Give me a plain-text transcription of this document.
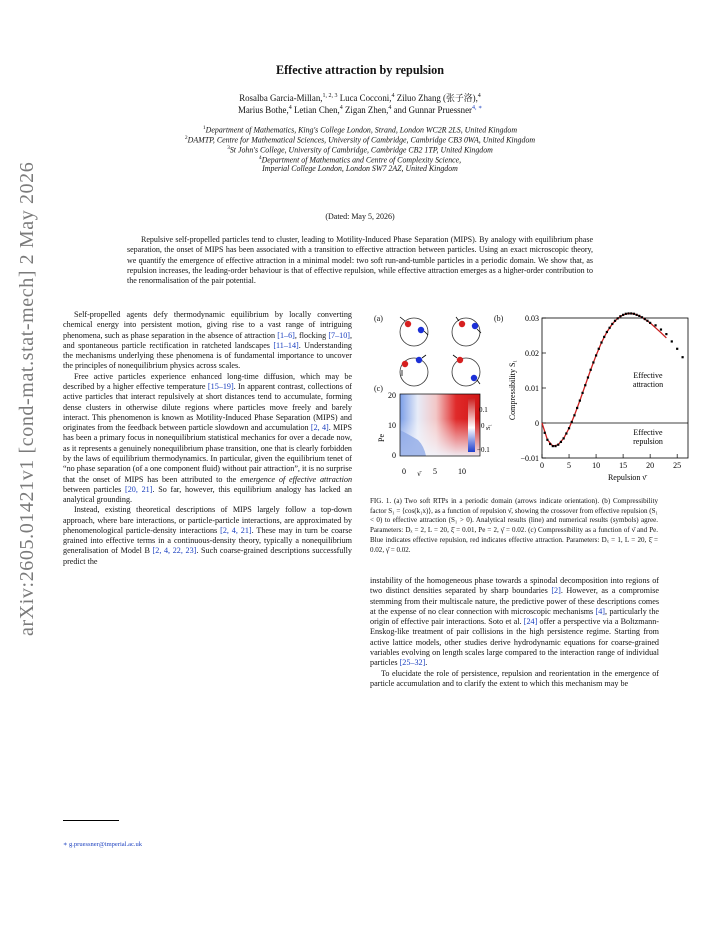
arXiv:2605.01421v1 [cond-mat.stat-mech] 2 May 2026
Effective attraction by repulsion
Rosalba Garcia-Millan,$^{1, 2, 3}$ Luca Cocconi,$^4$ Ziluo Zhang (张子洛),$^4$
Marius Bothe,$^4$ Letian Chen,$^4$ Zigan Zhen,$^4$ and Gunnar Pruessner$^{4, ∗}$
$^1$Department of Mathematics, King's College London, Strand, London WC2R 2LS, United Kingdom
$^2$DAMTP, Centre for Mathematical Sciences, University of Cambridge, Cambridge CB3 0WA, United Kingdom
$^3$St John's College, University of Cambridge, Cambridge CB2 1TP, United Kingdom
$^4$Department of Mathematics and Centre of Complexity Science,
Imperial College London, London SW7 2AZ, United Kingdom
(Dated: May 5, 2026)
Repulsive self-propelled particles tend to cluster, leading to Motility-Induced Phase Separation (MIPS). By analogy with equilibrium phase separation, the onset of MIPS has been associated with a transition to effective attraction between particles. Using an exact microscopic theory, we quantify the emergence of effective attraction in a minimal model: two soft run-and-tumble particles in a periodic domain. We show that, as repulsion increases, the leading-order behaviour is that of effective repulsion, while effective attraction emerges as a higher-order contribution to the renormalisation of the pair potential.

Self-propelled agents defy thermodynamic equilibrium by locally converting chemical energy into persistent motion, giving rise to a vast range of intriguing phenomena, such as phase separation in the absence of attraction [1–6], flocking [7–10], and spontaneous particle rectification in ratcheted landscapes [11–14]. Understanding the mechanisms underlying these phenomena is of fundamental importance to uncover the principles of nonequilibrium physics across scales.

Free active particles experience enhanced long-time diffusion, which may be described by a higher effective temperature [15–19]. In apparent contrast, collections of active particles that interact repulsively at short distances tend to accumulate, forming dense clusters in otherwise dilute regions where particles move freely and barely interact. This phenomenon is known as Motility-Induced Phase Separation (MIPS) and originates from the feedback between particle slowdown and accumulation [2, 4]. MIPS has been a primary focus in nonequilibrium statistical mechanics for over a decade now, as it represents a genuinely nonequilibrium phase transition, one that is clearly forbidden by the laws of equilibrium thermodynamics. In particular, given the equilibrium tenet of “no phase separation (of a one component fluid) without pair attraction”, it is no surprise that the onset of MIPS has been attributed to the emergence of effective attraction between particles [20, 21]. So far, however, this equilibrium analogy has lacked an analytical grounding.

Instead, existing theoretical descriptions of MIPS largely follow a top-down approach, where bare interactions, or particle-particle interactions, are approximated by phenomenological particle-density interactions [2, 4, 21]. These may in turn be coarse grained into effective terms in a continuous-density theory, typically a nonequilibrium generalisation of Model B [2, 4, 22, 23]. Such coarse-grained descriptions successfully predict the

∗ g.pruessner@imperial.ac.uk
(a)
(c)
20
10
0
Pe
0 ν̄ 5	10
0.1
0
−0.1
S₁
(b)
−0.01
0
0.01
0.02
0.03
0	5	10 15 20 25
Effective
attraction
Effective
repulsion
Repulsion ν̄
Compressibility S₁
FIG. 1. (a) Two soft RTPs in a periodic domain (arrows indicate orientation). (b) Compressibility factor S₁ = ⟨cos(k₁x)⟩, as a function of repulsion ν̄, showing the crossover from effective repulsion (S₁ < 0) to effective attraction (S₁ > 0). Analytical results (line) and numerical results (symbols) agree. Parameters: Dₓ = 2, L = 20, ξ̄ = 0.01, Pe = 2, γ̄ = 0.02. (c) Compressibility as a function of ν̄ and Pe. Blue indicates effective repulsion, red indicates effective attraction. Parameters: Dₓ = 1, L = 20, ξ̄ = 0.02, γ̄ = 0.02.

instability of the homogeneous phase towards a spinodal decomposition into regions of two distinct densities separated by sharp boundaries [2]. However, as a compromise stemming from their multiscale nature, the predictive power of these descriptions comes at the expense of no clear connection with microscopic mechanisms [4], particularly the origin of effective pair interactions. Soto et al. [24] offer a perspective via a Boltzmann-Enskog-like treatment of pair collisions in the high persistence regime. Starting from active lattice models, other studies derive hydrodynamic equations for coarse-grained variables evolving on length scales large compared to the interaction range of individual particles [25–32].

To elucidate the role of persistence, repulsion and reorientation in the emergence of particle accumulation and to clarify the extent to which this mechanism may be
